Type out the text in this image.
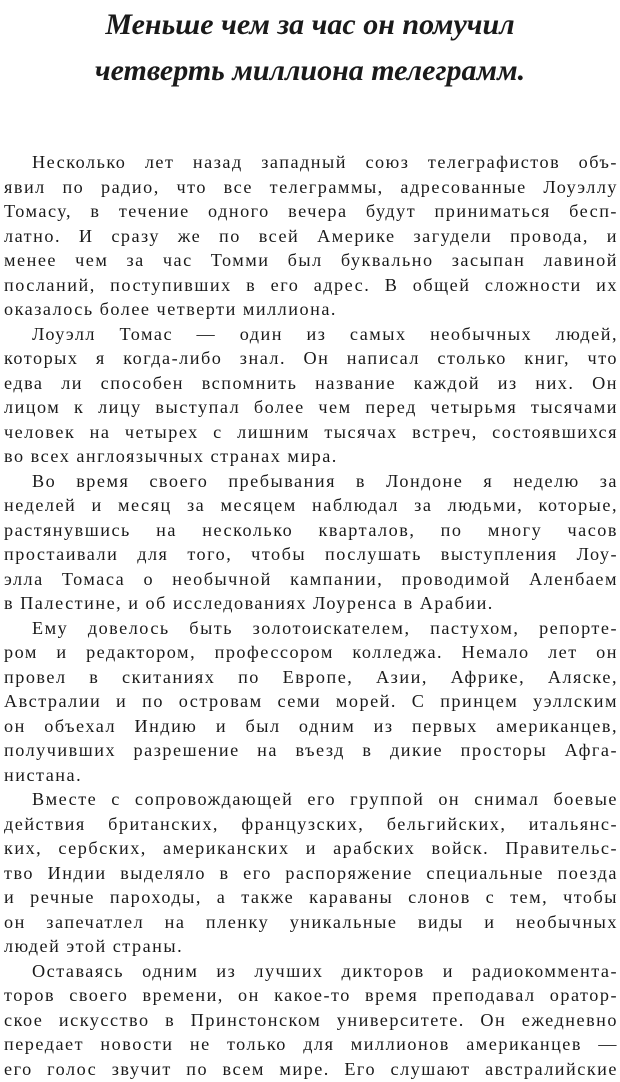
Меньше чем за час он помучил
четверть миллиона телеграмм.
Несколько лет назад западный союз телеграфистов объ-
явил по радио, что все телеграммы, адресованные Лоуэллу
Томасу, в течение одного вечера будут приниматься бесп-
латно. И сразу же по всей Америке загудели провода, и
менее чем за час Томми был буквально засыпан лавиной
посланий, поступивших в его адрес. В общей сложности их
оказалось более четверти миллиона.
Лоуэлл Томас — один из самых необычных людей,
которых я когда-либо знал. Он написал столько книг, что
едва ли способен вспомнить название каждой из них. Он
лицом к лицу выступал более чем перед четырьмя тысячами
человек на четырех с лишним тысячах встреч, состоявшихся
во всех англоязычных странах мира.
Во время своего пребывания в Лондоне я неделю за
неделей и месяц за месяцем наблюдал за людьми, которые,
растянувшись на несколько кварталов, по многу часов
простаивали для того, чтобы послушать выступления Лоу-
элла Томаса о необычной кампании, проводимой Аленбаем
в Палестине, и об исследованиях Лоуренса в Арабии.
Ему довелось быть золотоискателем, пастухом, репорте-
ром и редактором, профессором колледжа. Немало лет он
провел в скитаниях по Европе, Азии, Африке, Аляске,
Австралии и по островам семи морей. С принцем уэллским
он объехал Индию и был одним из первых американцев,
получивших разрешение на въезд в дикие просторы Афга-
нистана.
Вместе с сопровождающей его группой он снимал боевые
действия британских, французских, бельгийских, итальянс-
ких, сербских, американских и арабских войск. Правительс-
тво Индии выделяло в его распоряжение специальные поезда
и речные пароходы, а также караваны слонов с тем, чтобы
он запечатлел на пленку уникальные виды и необычных
людей этой страны.
Оставаясь одним из лучших дикторов и радиокоммента-
торов своего времени, он какое-то время преподавал оратор-
ское искусство в Принстонском университете. Он ежедневно
передает новости не только для миллионов американцев —
его голос звучит по всем мире. Его слушают австралийские
